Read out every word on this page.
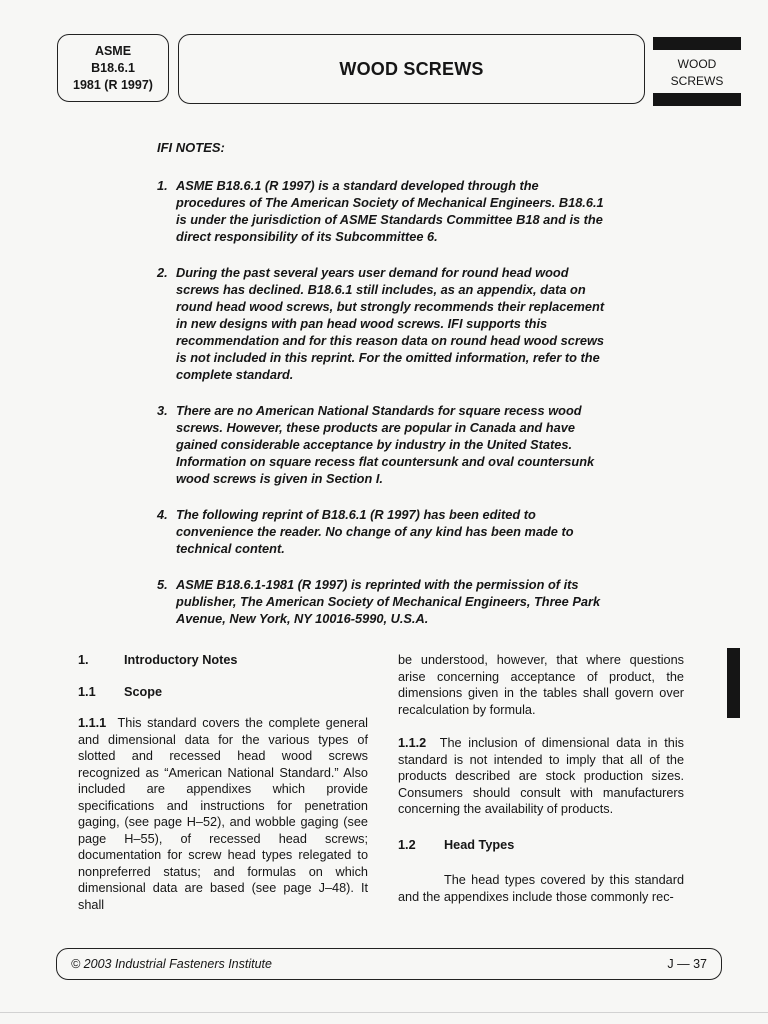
ASME
B18.6.1
1981 (R 1997)
WOOD SCREWS	WOOD
SCREWS
IFI NOTES:
1. ASME B18.6.1 (R 1997) is a standard developed through the procedures of The American Society of Mechanical Engineers. B18.6.1 is under the jurisdiction of ASME Standards Committee B18 and is the direct responsibility of its Subcommittee 6.
2. During the past several years user demand for round head wood screws has declined. B18.6.1 still includes, as an appendix, data on round head wood screws, but strongly recommends their replacement in new designs with pan head wood screws. IFI supports this recommendation and for this reason data on round head wood screws is not included in this reprint. For the omitted information, refer to the complete standard.
3. There are no American National Standards for square recess wood screws. However, these products are popular in Canada and have gained considerable acceptance by industry in the United States. Information on square recess flat countersunk and oval countersunk wood screws is given in Section I.
4. The following reprint of B18.6.1 (R 1997) has been edited to convenience the reader. No change of any kind has been made to technical content.
5. ASME B18.6.1-1981 (R 1997) is reprinted with the permission of its publisher, The American Society of Mechanical Engineers, Three Park Avenue, New York, NY 10016-5990, U.S.A.
1.	Introductory Notes
1.1	Scope

1.1.1 This standard covers the complete general and dimensional data for the various types of slotted and recessed head wood screws recognized as “American National Standard.” Also included are appendixes which provide specifications and instructions for penetration gaging, (see page H–52), and wobble gaging (see page H–55), of recessed head screws; documentation for screw head types relegated to nonpreferred status; and formulas on which dimensional data are based (see page J–48). It shall

be understood, however, that where questions arise concerning acceptance of product, the dimensions given in the tables shall govern over recalculation by formula.

1.1.2 The inclusion of dimensional data in this standard is not intended to imply that all of the products described are stock production sizes. Consumers should consult with manufacturers concerning the availability of products.

1.2	Head Types

The head types covered by this standard and the appendixes include those commonly rec-

© 2003 Industrial Fasteners Institute	J — 37
